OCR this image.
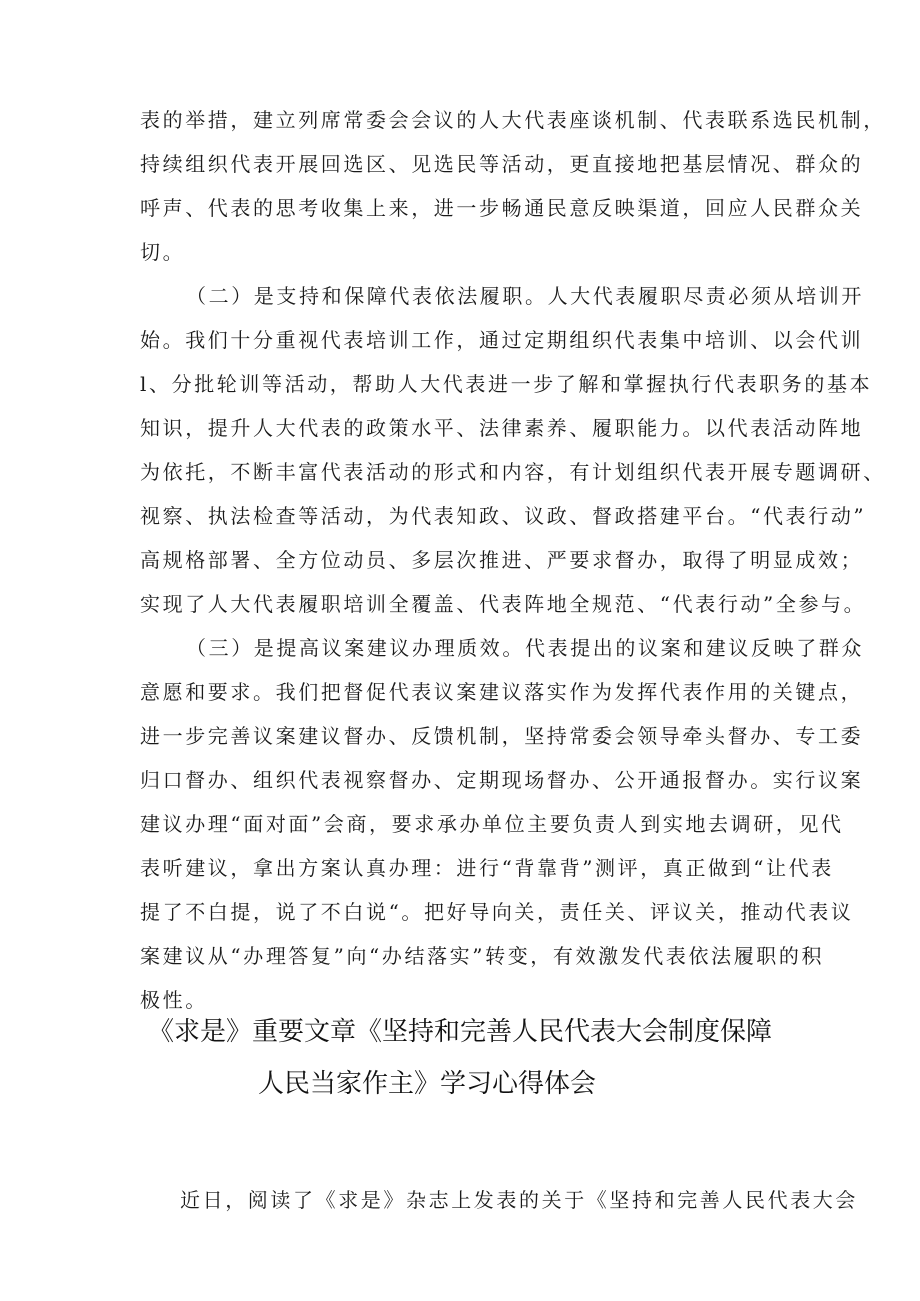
表的举措，建立列席常委会会议的人大代表座谈机制、代表联系选民机制，
持续组织代表开展回选区、见选民等活动，更直接地把基层情况、群众的
呼声、代表的思考收集上来，进一步畅通民意反映渠道，回应人民群众关
切。
（二）是支持和保障代表依法履职。人大代表履职尽责必须从培训开
始。我们十分重视代表培训工作，通过定期组织代表集中培训、以会代训
l、分批轮训等活动，帮助人大代表进一步了解和掌握执行代表职务的基本
知识，提升人大代表的政策水平、法律素养、履职能力。以代表活动阵地
为依托，不断丰富代表活动的形式和内容，有计划组织代表开展专题调研、
视察、执法检查等活动，为代表知政、议政、督政搭建平台。“代表行动”
高规格部署、全方位动员、多层次推进、严要求督办，取得了明显成效；
实现了人大代表履职培训全覆盖、代表阵地全规范、“代表行动”全参与。
（三）是提高议案建议办理质效。代表提出的议案和建议反映了群众
意愿和要求。我们把督促代表议案建议落实作为发挥代表作用的关键点，
进一步完善议案建议督办、反馈机制，坚持常委会领导牵头督办、专工委
归口督办、组织代表视察督办、定期现场督办、公开通报督办。实行议案
建议办理“面对面”会商，要求承办单位主要负责人到实地去调研，见代
表听建议，拿出方案认真办理：进行“背靠背”测评，真正做到“让代表
提了不白提，说了不白说“。把好导向关，责任关、评议关，推动代表议
案建议从“办理答复”向“办结落实”转变，有效激发代表依法履职的积
极性。
《求是》重要文章《坚持和完善人民代表大会制度保障
人民当家作主》学习心得体会
近日，阅读了《求是》杂志上发表的关于《坚持和完善人民代表大会
